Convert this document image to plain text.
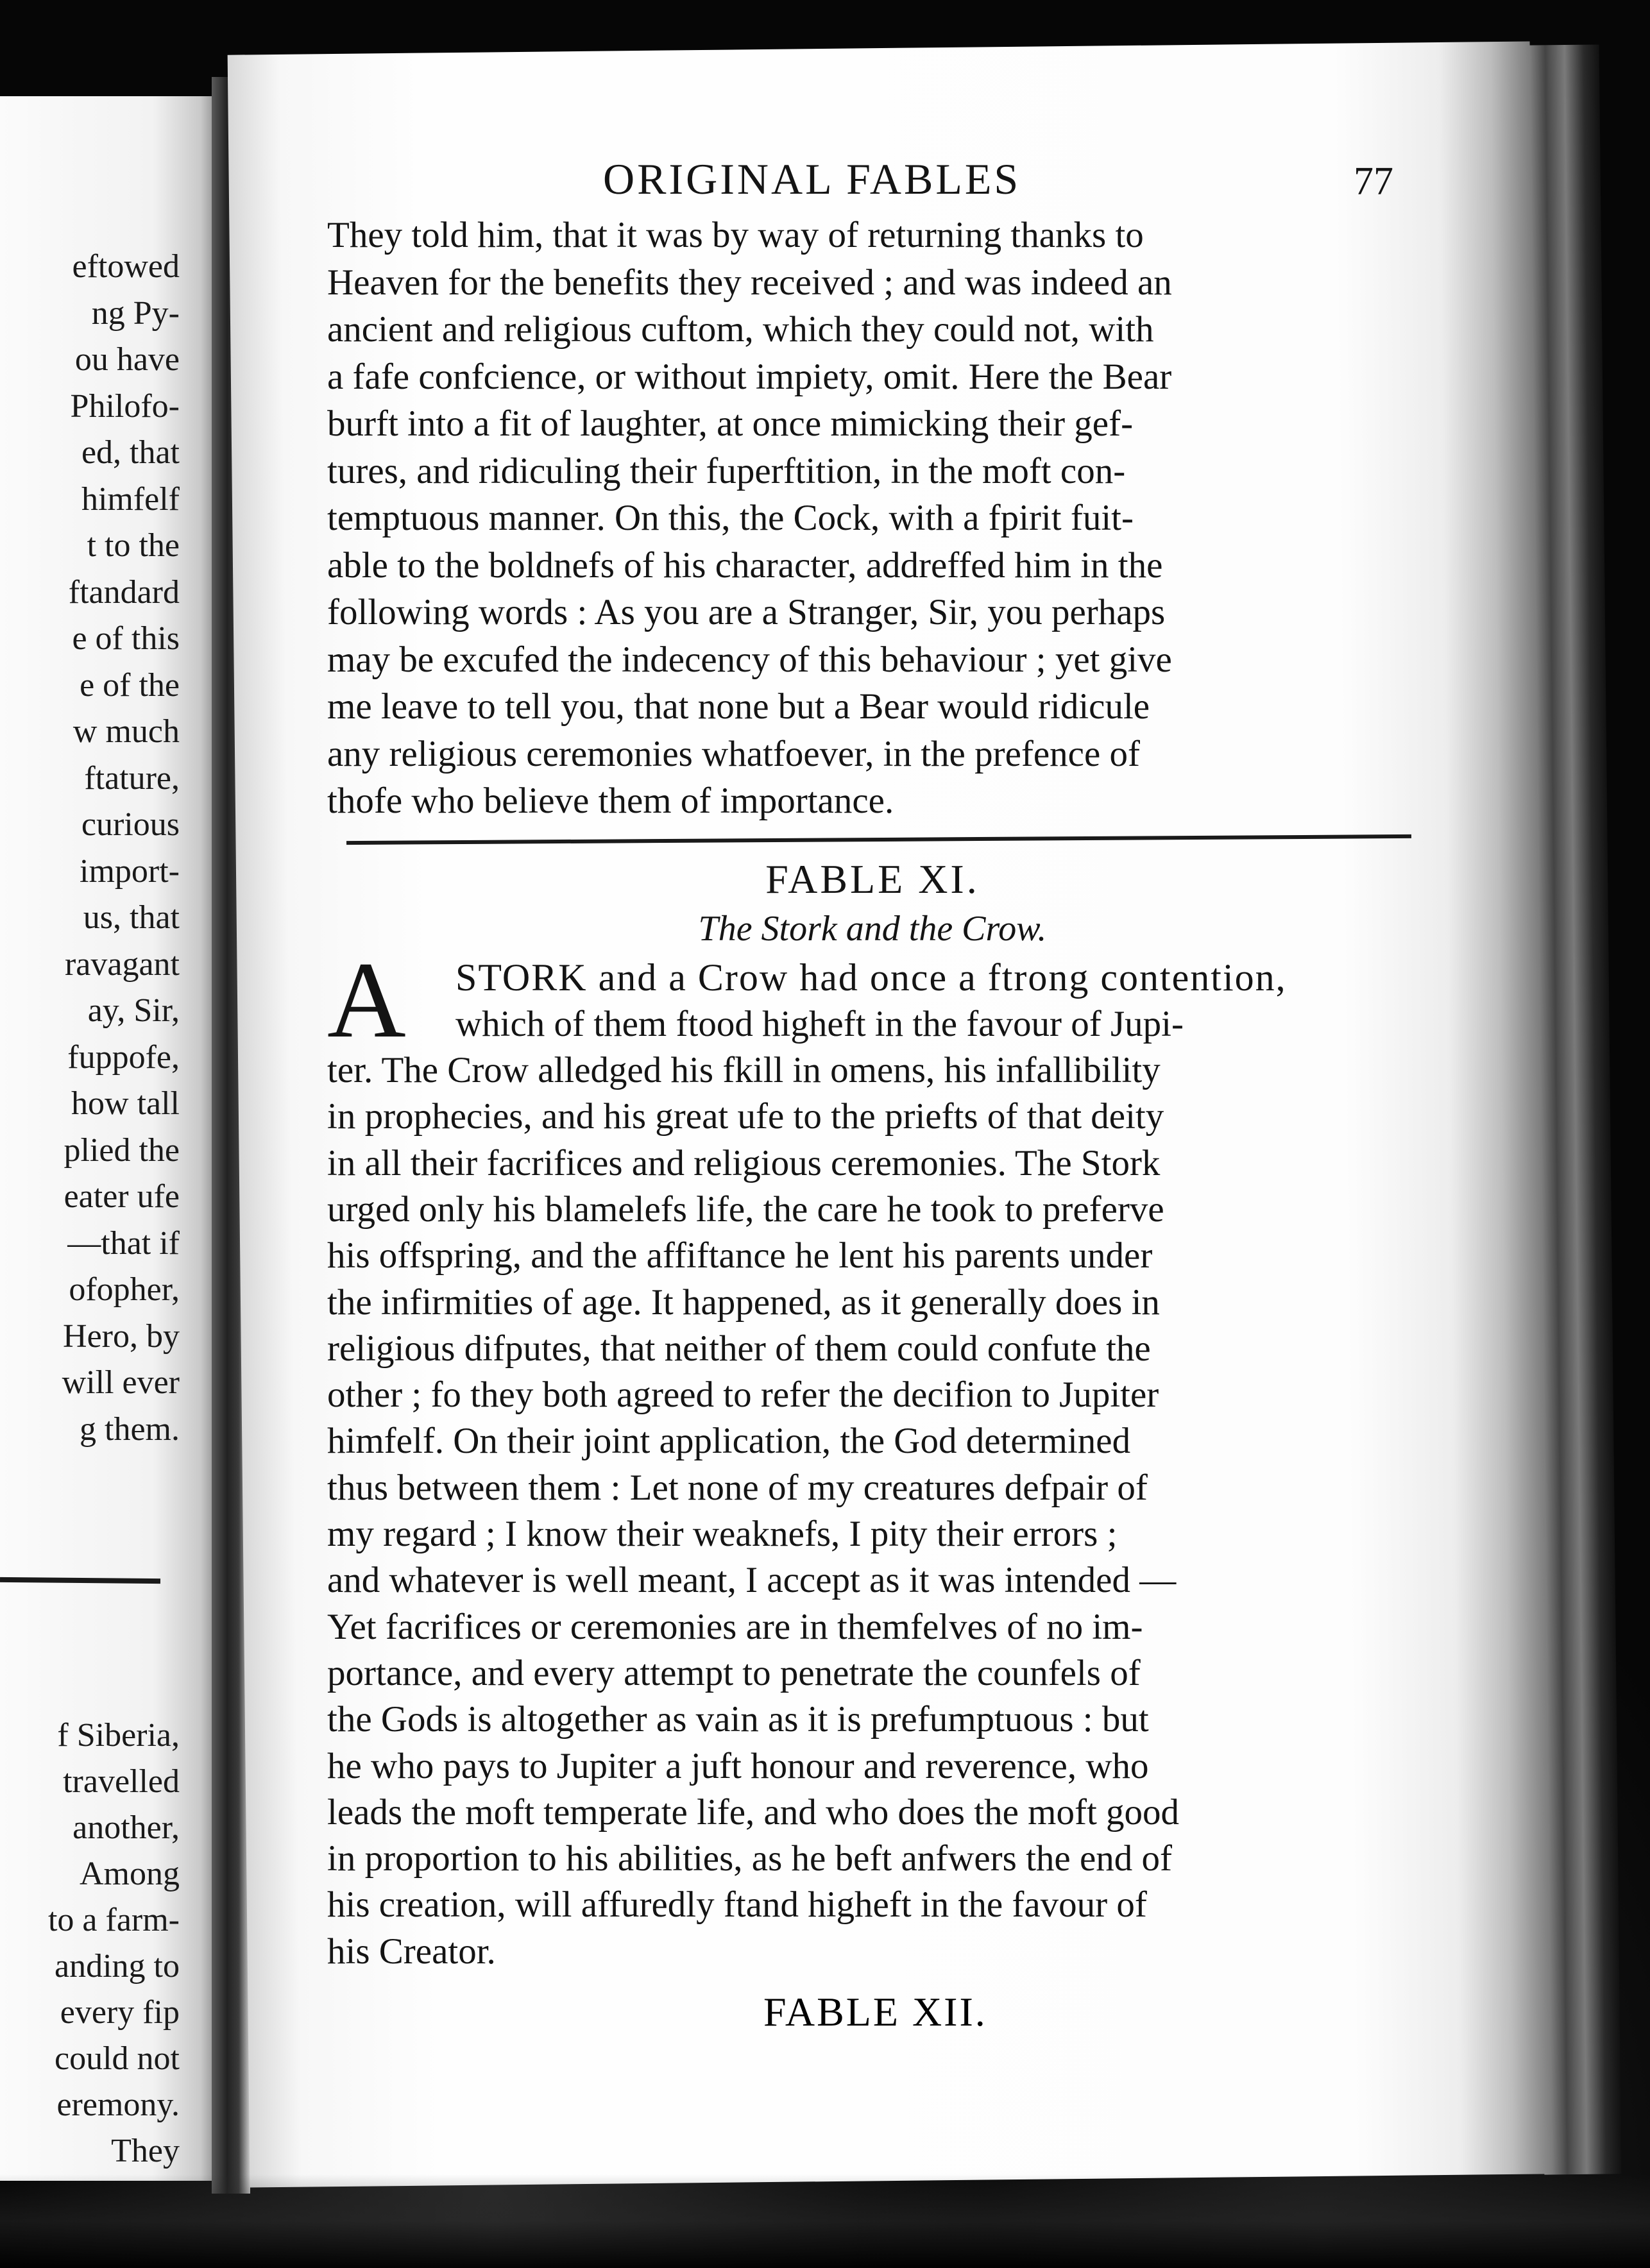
eftowed
ng Py-
ou have
Philofo-
ed, that
himfelf
t to the
ftandard
e of this
e of the
w much
ftature,
curious
import-
us, that
ravagant
ay, Sir,
fuppofe,
how tall
plied the
eater ufe
—that if
ofopher,
Hero, by
will ever
g them.
f Siberia,
travelled
another,
Among
to a farm-
anding to
every fip
could not
eremony.
They
ORIGINAL FABLES	77
They told him, that it was by way of returning thanks to
Heaven for the benefits they received ; and was indeed an
ancient and religious cuftom, which they could not, with
a fafe confcience, or without impiety, omit. Here the Bear
burft into a fit of laughter, at once mimicking their gef-
tures, and ridiculing their fuperftition, in the moft con-
temptuous manner. On this, the Cock, with a fpirit fuit-
able to the boldnefs of his character, addreffed him in the
following words : As you are a Stranger, Sir, you perhaps
may be excufed the indecency of this behaviour ; yet give
me leave to tell you, that none but a Bear would ridicule
any religious ceremonies whatfoever, in the prefence of
thofe who believe them of importance.
FABLE XI.
The Stork and the Crow.
A	STORK and a Crow had once a ftrong contention,
which of them ftood higheft in the favour of Jupi-
ter. The Crow alledged his fkill in omens, his infallibility
in prophecies, and his great ufe to the priefts of that deity
in all their facrifices and religious ceremonies. The Stork
urged only his blamelefs life, the care he took to preferve
his offspring, and the affiftance he lent his parents under
the infirmities of age. It happened, as it generally does in
religious difputes, that neither of them could confute the
other ; fo they both agreed to refer the decifion to Jupiter
himfelf. On their joint application, the God determined
thus between them : Let none of my creatures defpair of
my regard ; I know their weaknefs, I pity their errors ;
and whatever is well meant, I accept as it was intended —
Yet facrifices or ceremonies are in themfelves of no im-
portance, and every attempt to penetrate the counfels of
the Gods is altogether as vain as it is prefumptuous : but
he who pays to Jupiter a juft honour and reverence, who
leads the moft temperate life, and who does the moft good
in proportion to his abilities, as he beft anfwers the end of
his creation, will affuredly ftand higheft in the favour of
his Creator.
FABLE XII.
